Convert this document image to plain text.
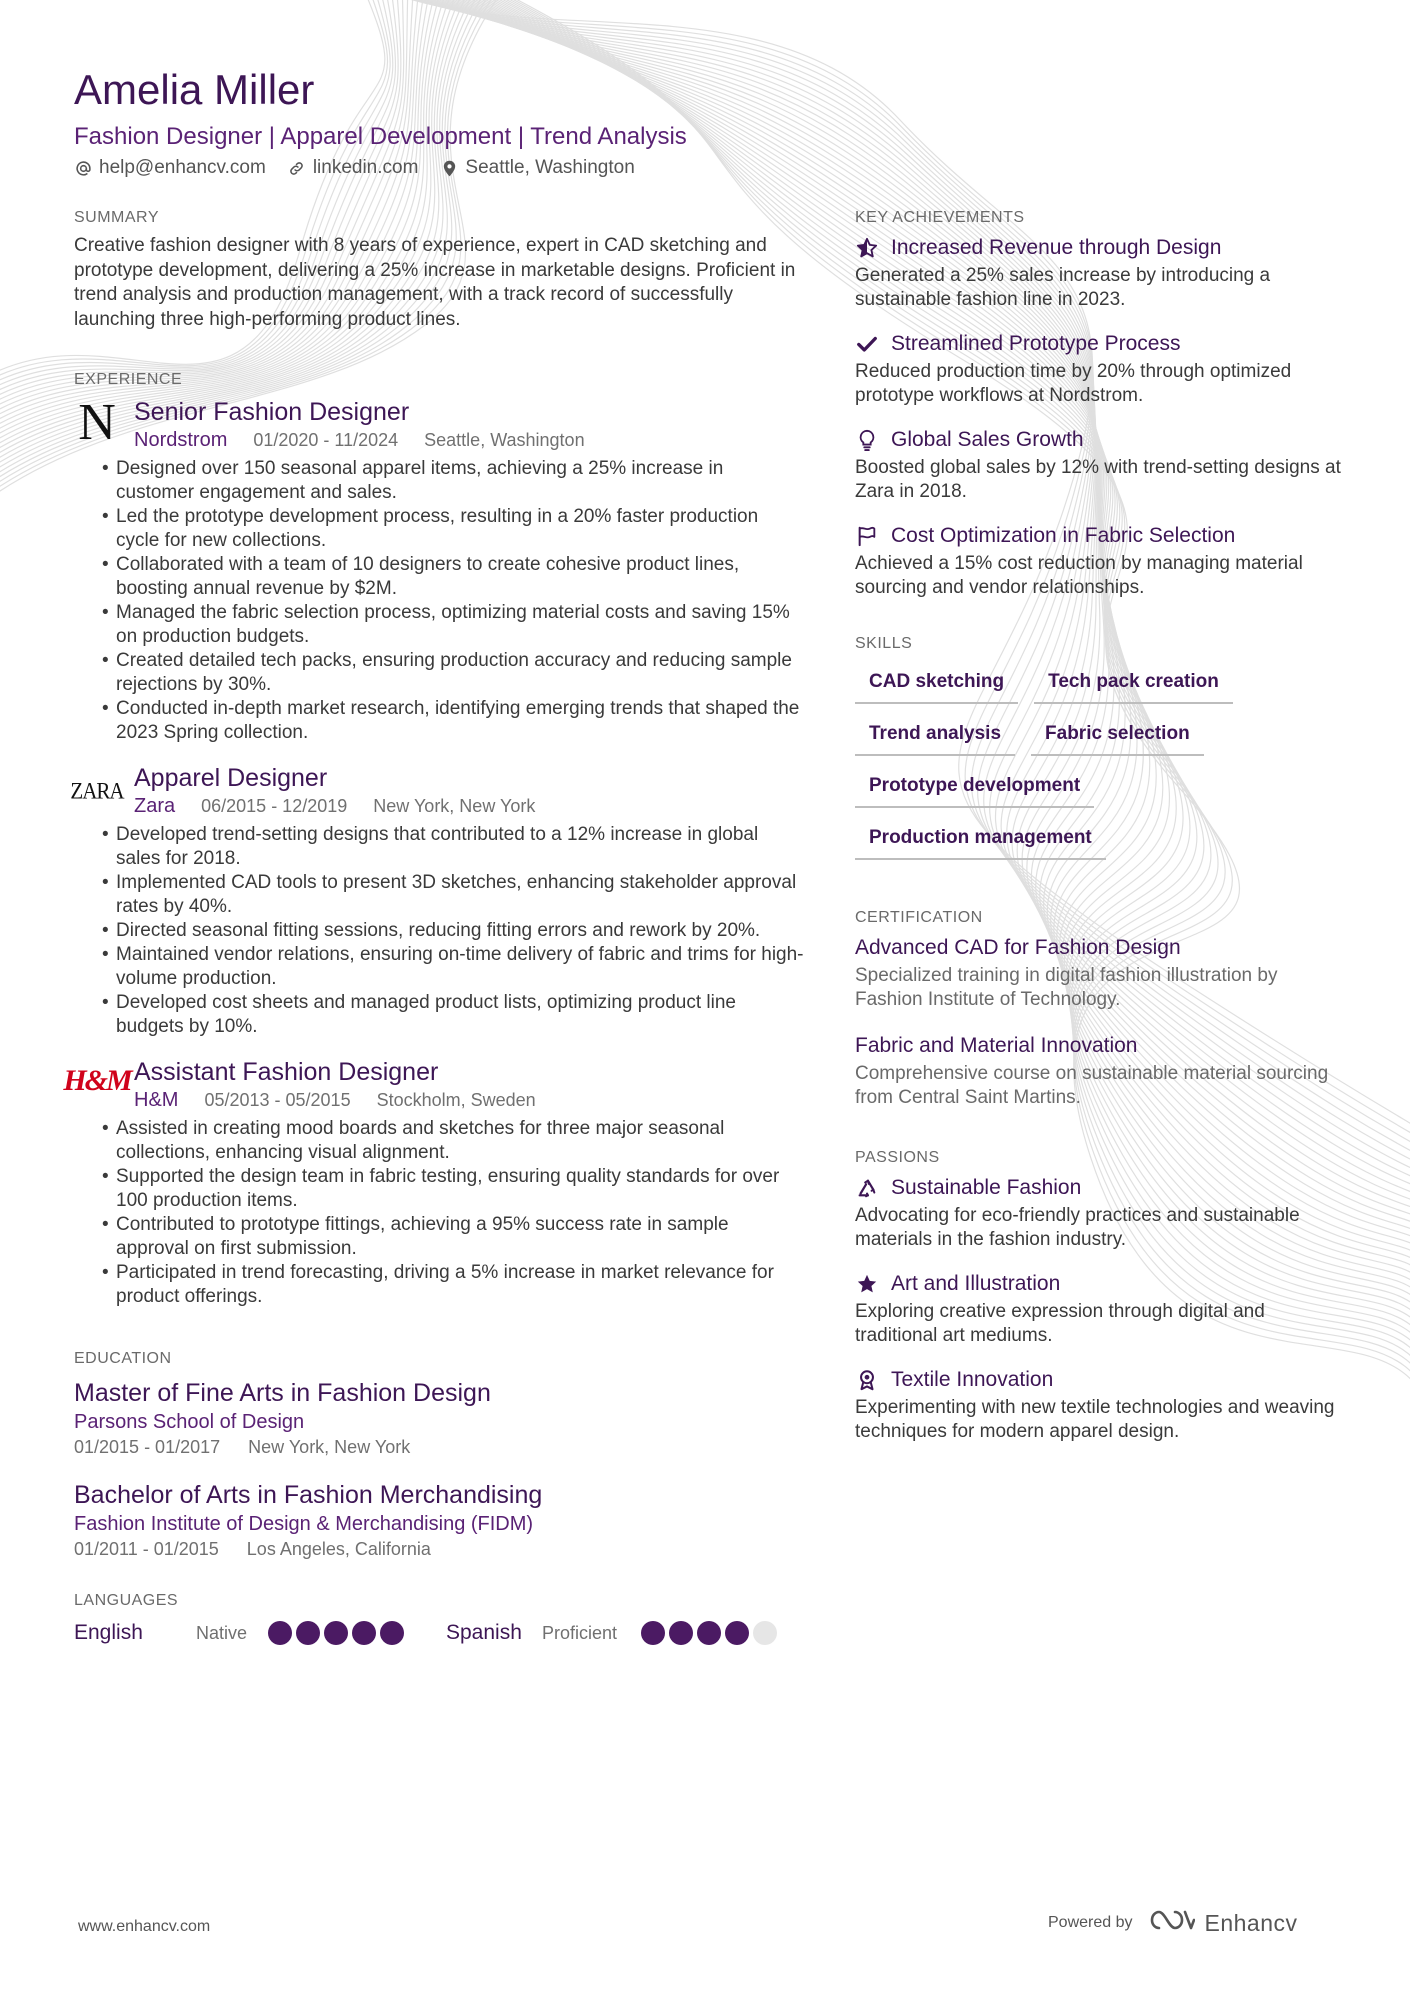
Amelia Miller
Fashion Designer | Apparel Development | Trend Analysis
help@enhancv.com linkedin.com Seattle, Washington
SUMMARY
Creative fashion designer with 8 years of experience, expert in CAD sketching and prototype development, delivering a 25% increase in marketable designs. Proficient in trend analysis and production management, with a track record of successfully launching three high-performing product lines.
EXPERIENCE
N Senior Fashion Designer
Nordstrom 01/2020 - 11/2024 Seattle, Washington
• Designed over 150 seasonal apparel items, achieving a 25% increase in customer engagement and sales.
• Led the prototype development process, resulting in a 20% faster production cycle for new collections.
• Collaborated with a team of 10 designers to create cohesive product lines, boosting annual revenue by $2M.
• Managed the fabric selection process, optimizing material costs and saving 15% on production budgets.
• Created detailed tech packs, ensuring production accuracy and reducing sample rejections by 30%.
• Conducted in-depth market research, identifying emerging trends that shaped the 2023 Spring collection.
ZARA Apparel Designer
Zara 06/2015 - 12/2019 New York, New York
• Developed trend-setting designs that contributed to a 12% increase in global sales for 2018.
• Implemented CAD tools to present 3D sketches, enhancing stakeholder approval rates by 40%.
• Directed seasonal fitting sessions, reducing fitting errors and rework by 20%.
• Maintained vendor relations, ensuring on-time delivery of fabric and trims for high-volume production.
• Developed cost sheets and managed product lists, optimizing product line budgets by 10%.
H&M Assistant Fashion Designer
H&M 05/2013 - 05/2015 Stockholm, Sweden
• Assisted in creating mood boards and sketches for three major seasonal collections, enhancing visual alignment.
• Supported the design team in fabric testing, ensuring quality standards for over 100 production items.
• Contributed to prototype fittings, achieving a 95% success rate in sample approval on first submission.
• Participated in trend forecasting, driving a 5% increase in market relevance for product offerings.
EDUCATION
Master of Fine Arts in Fashion Design
Parsons School of Design
01/2015 - 01/2017 New York, New York
Bachelor of Arts in Fashion Merchandising
Fashion Institute of Design & Merchandising (FIDM)
01/2011 - 01/2015 Los Angeles, California
LANGUAGES
English	Native	Spanish	Proficient
KEY ACHIEVEMENTS
Increased Revenue through Design
Generated a 25% sales increase by introducing a sustainable fashion line in 2023.
Streamlined Prototype Process
Reduced production time by 20% through optimized prototype workflows at Nordstrom.
Global Sales Growth
Boosted global sales by 12% with trend-setting designs at Zara in 2018.
Cost Optimization in Fabric Selection
Achieved a 15% cost reduction by managing material sourcing and vendor relationships.
SKILLS
CAD sketching	Tech pack creation
Trend analysis	Fabric selection
Prototype development
Production management
CERTIFICATION
Advanced CAD for Fashion Design
Specialized training in digital fashion illustration by Fashion Institute of Technology.
Fabric and Material Innovation
Comprehensive course on sustainable material sourcing from Central Saint Martins.
PASSIONS
Sustainable Fashion
Advocating for eco-friendly practices and sustainable materials in the fashion industry.
Art and Illustration
Exploring creative expression through digital and traditional art mediums.
Textile Innovation
Experimenting with new textile technologies and weaving techniques for modern apparel design.
www.enhancv.com	Powered by	Enhancv
